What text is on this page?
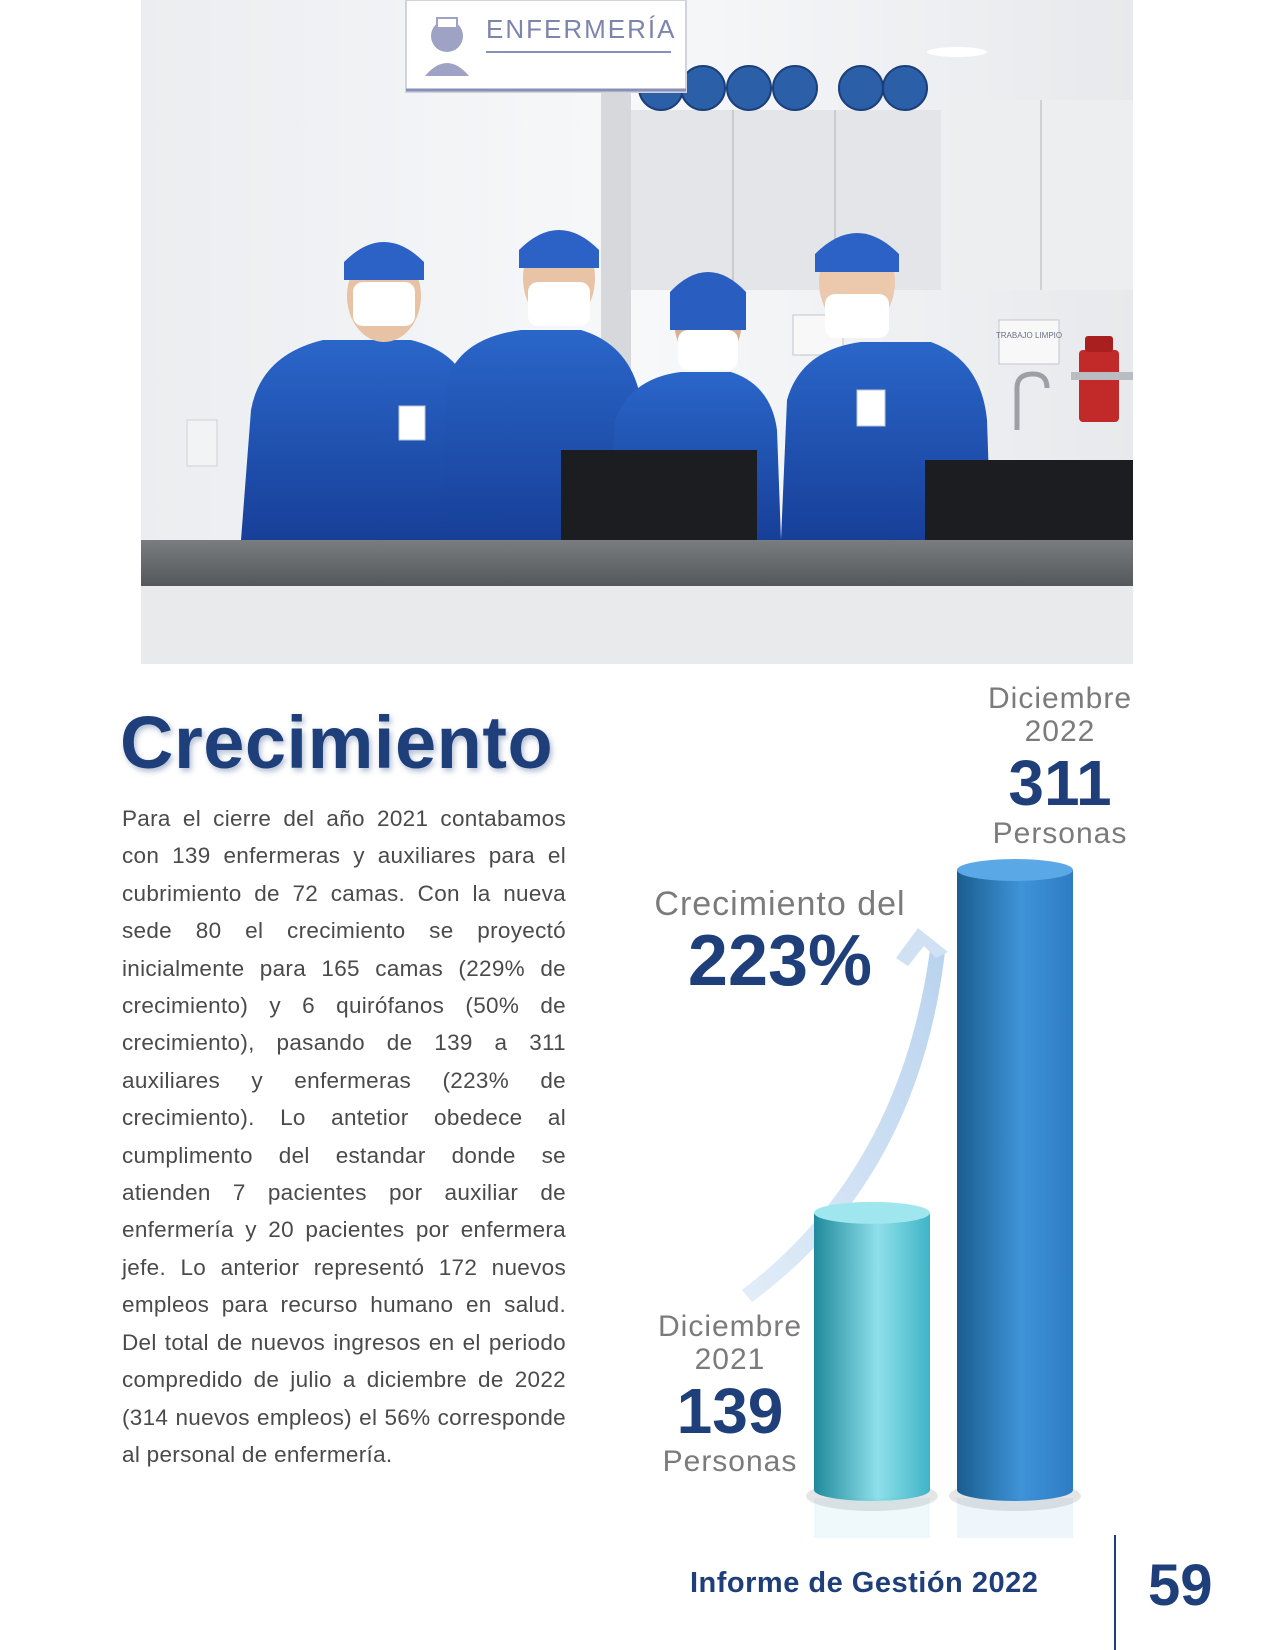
ENFERMERÍA
TRABAJO LIMPIO
Crecimiento

Para el cierre del año 2021 contabamos con 139 enfermeras y auxiliares para el cubrimiento de 72 camas. Con la nueva sede 80 el crecimiento se proyectó inicialmente para 165 camas (229% de crecimiento) y 6 quirófanos (50% de crecimiento), pasando de 139 a 311 auxiliares y enfermeras (223% de crecimiento). Lo antetior obedece al cumplimento del estandar donde se atienden 7 pacientes por auxiliar de enfermería y 20 pacientes por enfermera jefe. Lo anterior representó 172 nuevos empleos para recurso humano en salud. Del total de nuevos ingresos en el periodo compredido de julio a diciembre de 2022 (314 nuevos empleos) el 56% corresponde al personal de enfermería.

Diciembre
2021
139
Personas
Diciembre
2022
311
Personas
Crecimiento del
223%
Informe de Gestión 2022 59
